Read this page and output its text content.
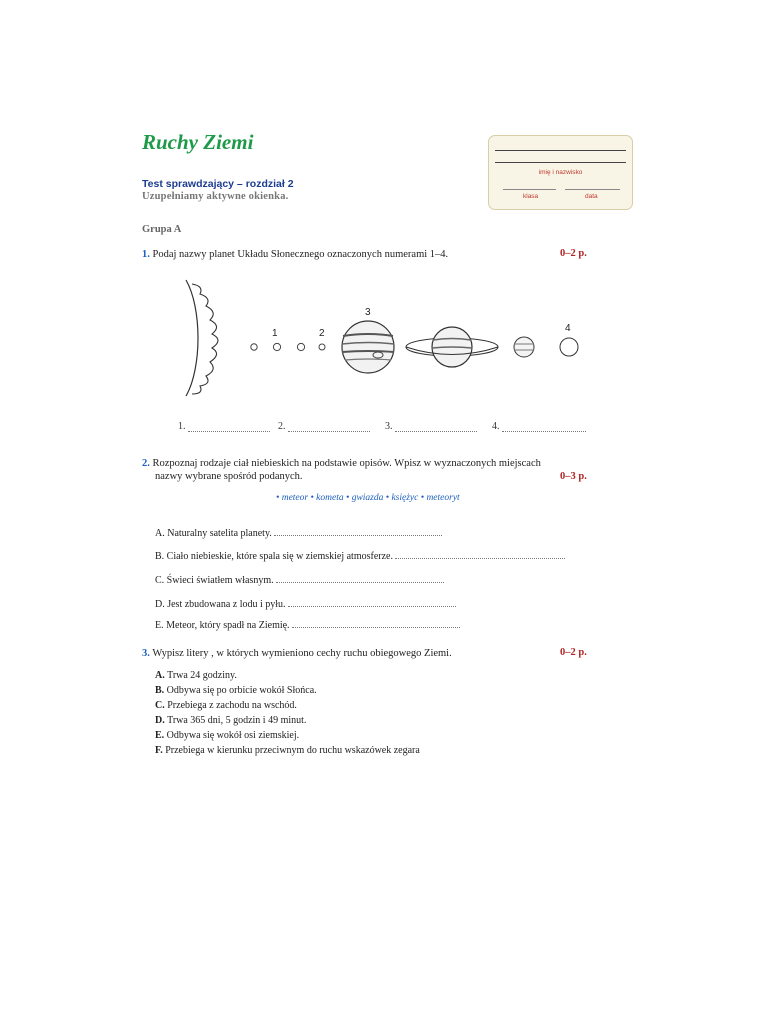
Ruchy Ziemi
Test sprawdzający – rozdział 2
Uzupełniamy aktywne okienka.
imię i nazwisko
klasa	data
Grupa A
1. Podaj nazwy planet Układu Słonecznego oznaczonych numerami 1–4.	0–2 p.
1	2
3
4
1.	2.	3.	4.
2. Rozpoznaj rodzaje ciał niebieskich na podstawie opisów. Wpisz w wyznaczonych miejscach
nazwy wybrane spośród podanych.	0–3 p.
• meteor • kometa • gwiazda • księżyc • meteoryt
A. Naturalny satelita planety.
B. Ciało niebieskie, które spala się w ziemskiej atmosferze.
C. Świeci światłem własnym.
D. Jest zbudowana z lodu i pyłu.
E. Meteor, który spadł na Ziemię.
3. Wypisz litery , w których wymieniono cechy ruchu obiegowego Ziemi.	0–2 p.
A. Trwa 24 godziny.
B. Odbywa się po orbicie wokół Słońca.
C. Przebiega z zachodu na wschód.
D. Trwa 365 dni, 5 godzin i 49 minut.
E. Odbywa się wokół osi ziemskiej.
F. Przebiega w kierunku przeciwnym do ruchu wskazówek zegara
